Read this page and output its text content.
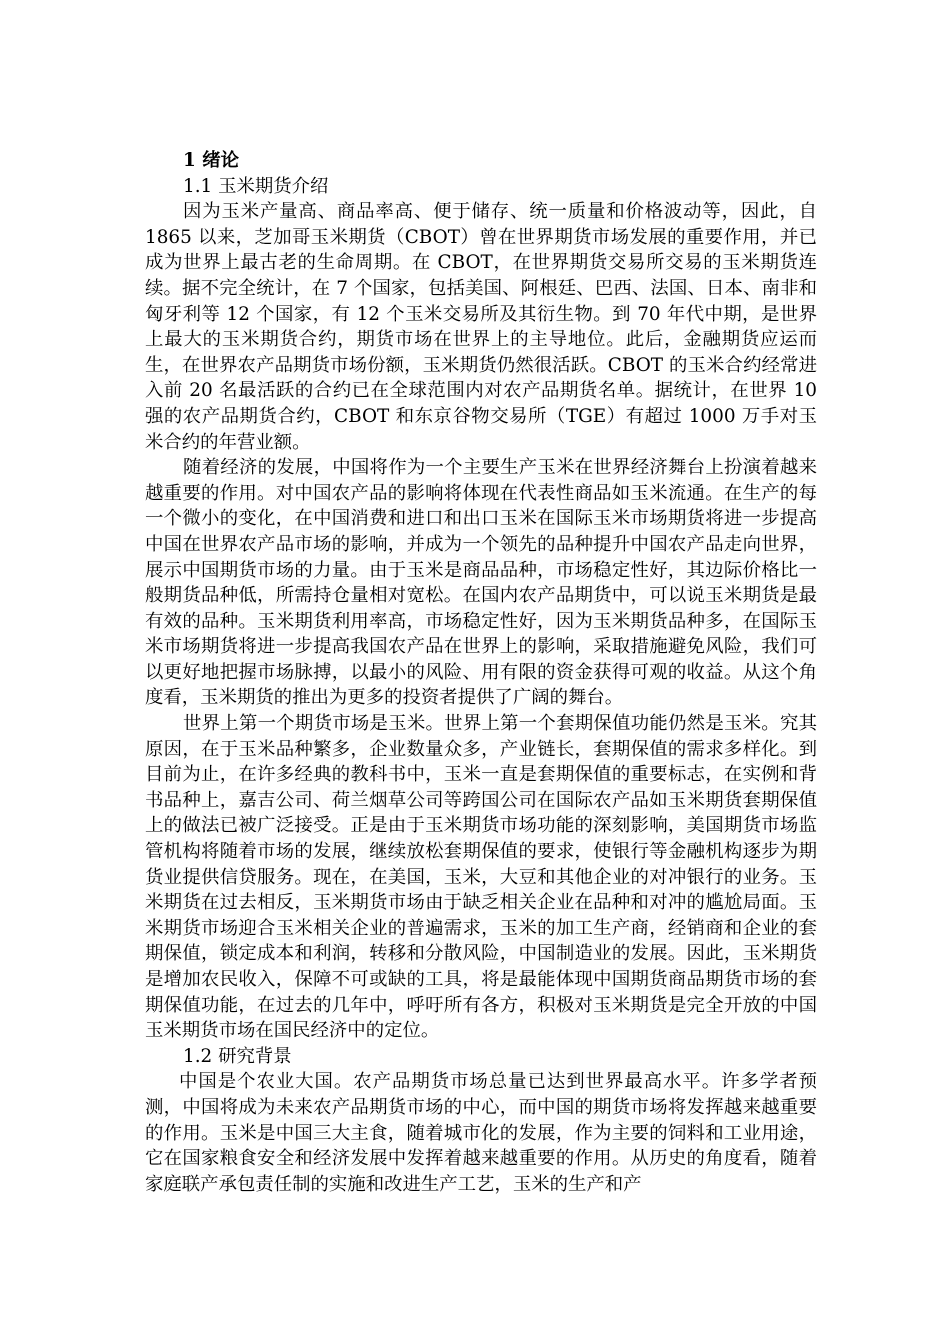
1 绪论
1.1 玉米期货介绍

因为玉米产量高、商品率高、便于储存、统一质量和价格波动等，因此，自 1865 以来，芝加哥玉米期货（CBOT）曾在世界期货市场发展的重要作用，并已成为世界上最古老的生命周期。在 CBOT，在世界期货交易所交易的玉米期货连续。据不完全统计，在 7 个国家，包括美国、阿根廷、巴西、法国、日本、南非和匈牙利等 12 个国家，有 12 个玉米交易所及其衍生物。到 70 年代中期，是世界上最大的玉米期货合约，期货市场在世界上的主导地位。此后，金融期货应运而生，在世界农产品期货市场份额，玉米期货仍然很活跃。CBOT 的玉米合约经常进入前 20 名最活跃的合约已在全球范围内对农产品期货名单。据统计，在世界 10 强的农产品期货合约，CBOT 和东京谷物交易所（TGE）有超过 1000 万手对玉米合约的年营业额。

随着经济的发展，中国将作为一个主要生产玉米在世界经济舞台上扮演着越来越重要的作用。对中国农产品的影响将体现在代表性商品如玉米流通。在生产的每一个微小的变化，在中国消费和进口和出口玉米在国际玉米市场期货将进一步提高中国在世界农产品市场的影响，并成为一个领先的品种提升中国农产品走向世界，展示中国期货市场的力量。由于玉米是商品品种，市场稳定性好，其边际价格比一般期货品种低，所需持仓量相对宽松。在国内农产品期货中，可以说玉米期货是最有效的品种。玉米期货利用率高，市场稳定性好，因为玉米期货品种多，在国际玉米市场期货将进一步提高我国农产品在世界上的影响，采取措施避免风险，我们可以更好地把握市场脉搏，以最小的风险、用有限的资金获得可观的收益。从这个角度看，玉米期货的推出为更多的投资者提供了广阔的舞台。

世界上第一个期货市场是玉米。世界上第一个套期保值功能仍然是玉米。究其原因，在于玉米品种繁多，企业数量众多，产业链长，套期保值的需求多样化。到目前为止，在许多经典的教科书中，玉米一直是套期保值的重要标志，在实例和背书品种上，嘉吉公司、荷兰烟草公司等跨国公司在国际农产品如玉米期货套期保值上的做法已被广泛接受。正是由于玉米期货市场功能的深刻影响，美国期货市场监管机构将随着市场的发展，继续放松套期保值的要求，使银行等金融机构逐步为期货业提供信贷服务。现在，在美国，玉米，大豆和其他企业的对冲银行的业务。玉米期货在过去相反，玉米期货市场由于缺乏相关企业在品种和对冲的尴尬局面。玉米期货市场迎合玉米相关企业的普遍需求，玉米的加工生产商，经销商和企业的套期保值，锁定成本和利润，转移和分散风险，中国制造业的发展。因此，玉米期货是增加农民收入，保障不可或缺的工具，将是最能体现中国期货商品期货市场的套期保值功能，在过去的几年中，呼吁所有各方，积极对玉米期货是完全开放的中国玉米期货市场在国民经济中的定位。

1.2 研究背景

中国是个农业大国。农产品期货市场总量已达到世界最高水平。许多学者预测，中国将成为未来农产品期货市场的中心，而中国的期货市场将发挥越来越重要的作用。玉米是中国三大主食，随着城市化的发展，作为主要的饲料和工业用途，它在国家粮食安全和经济发展中发挥着越来越重要的作用。从历史的角度看，随着家庭联产承包责任制的实施和改进生产工艺，玉米的生产和产
